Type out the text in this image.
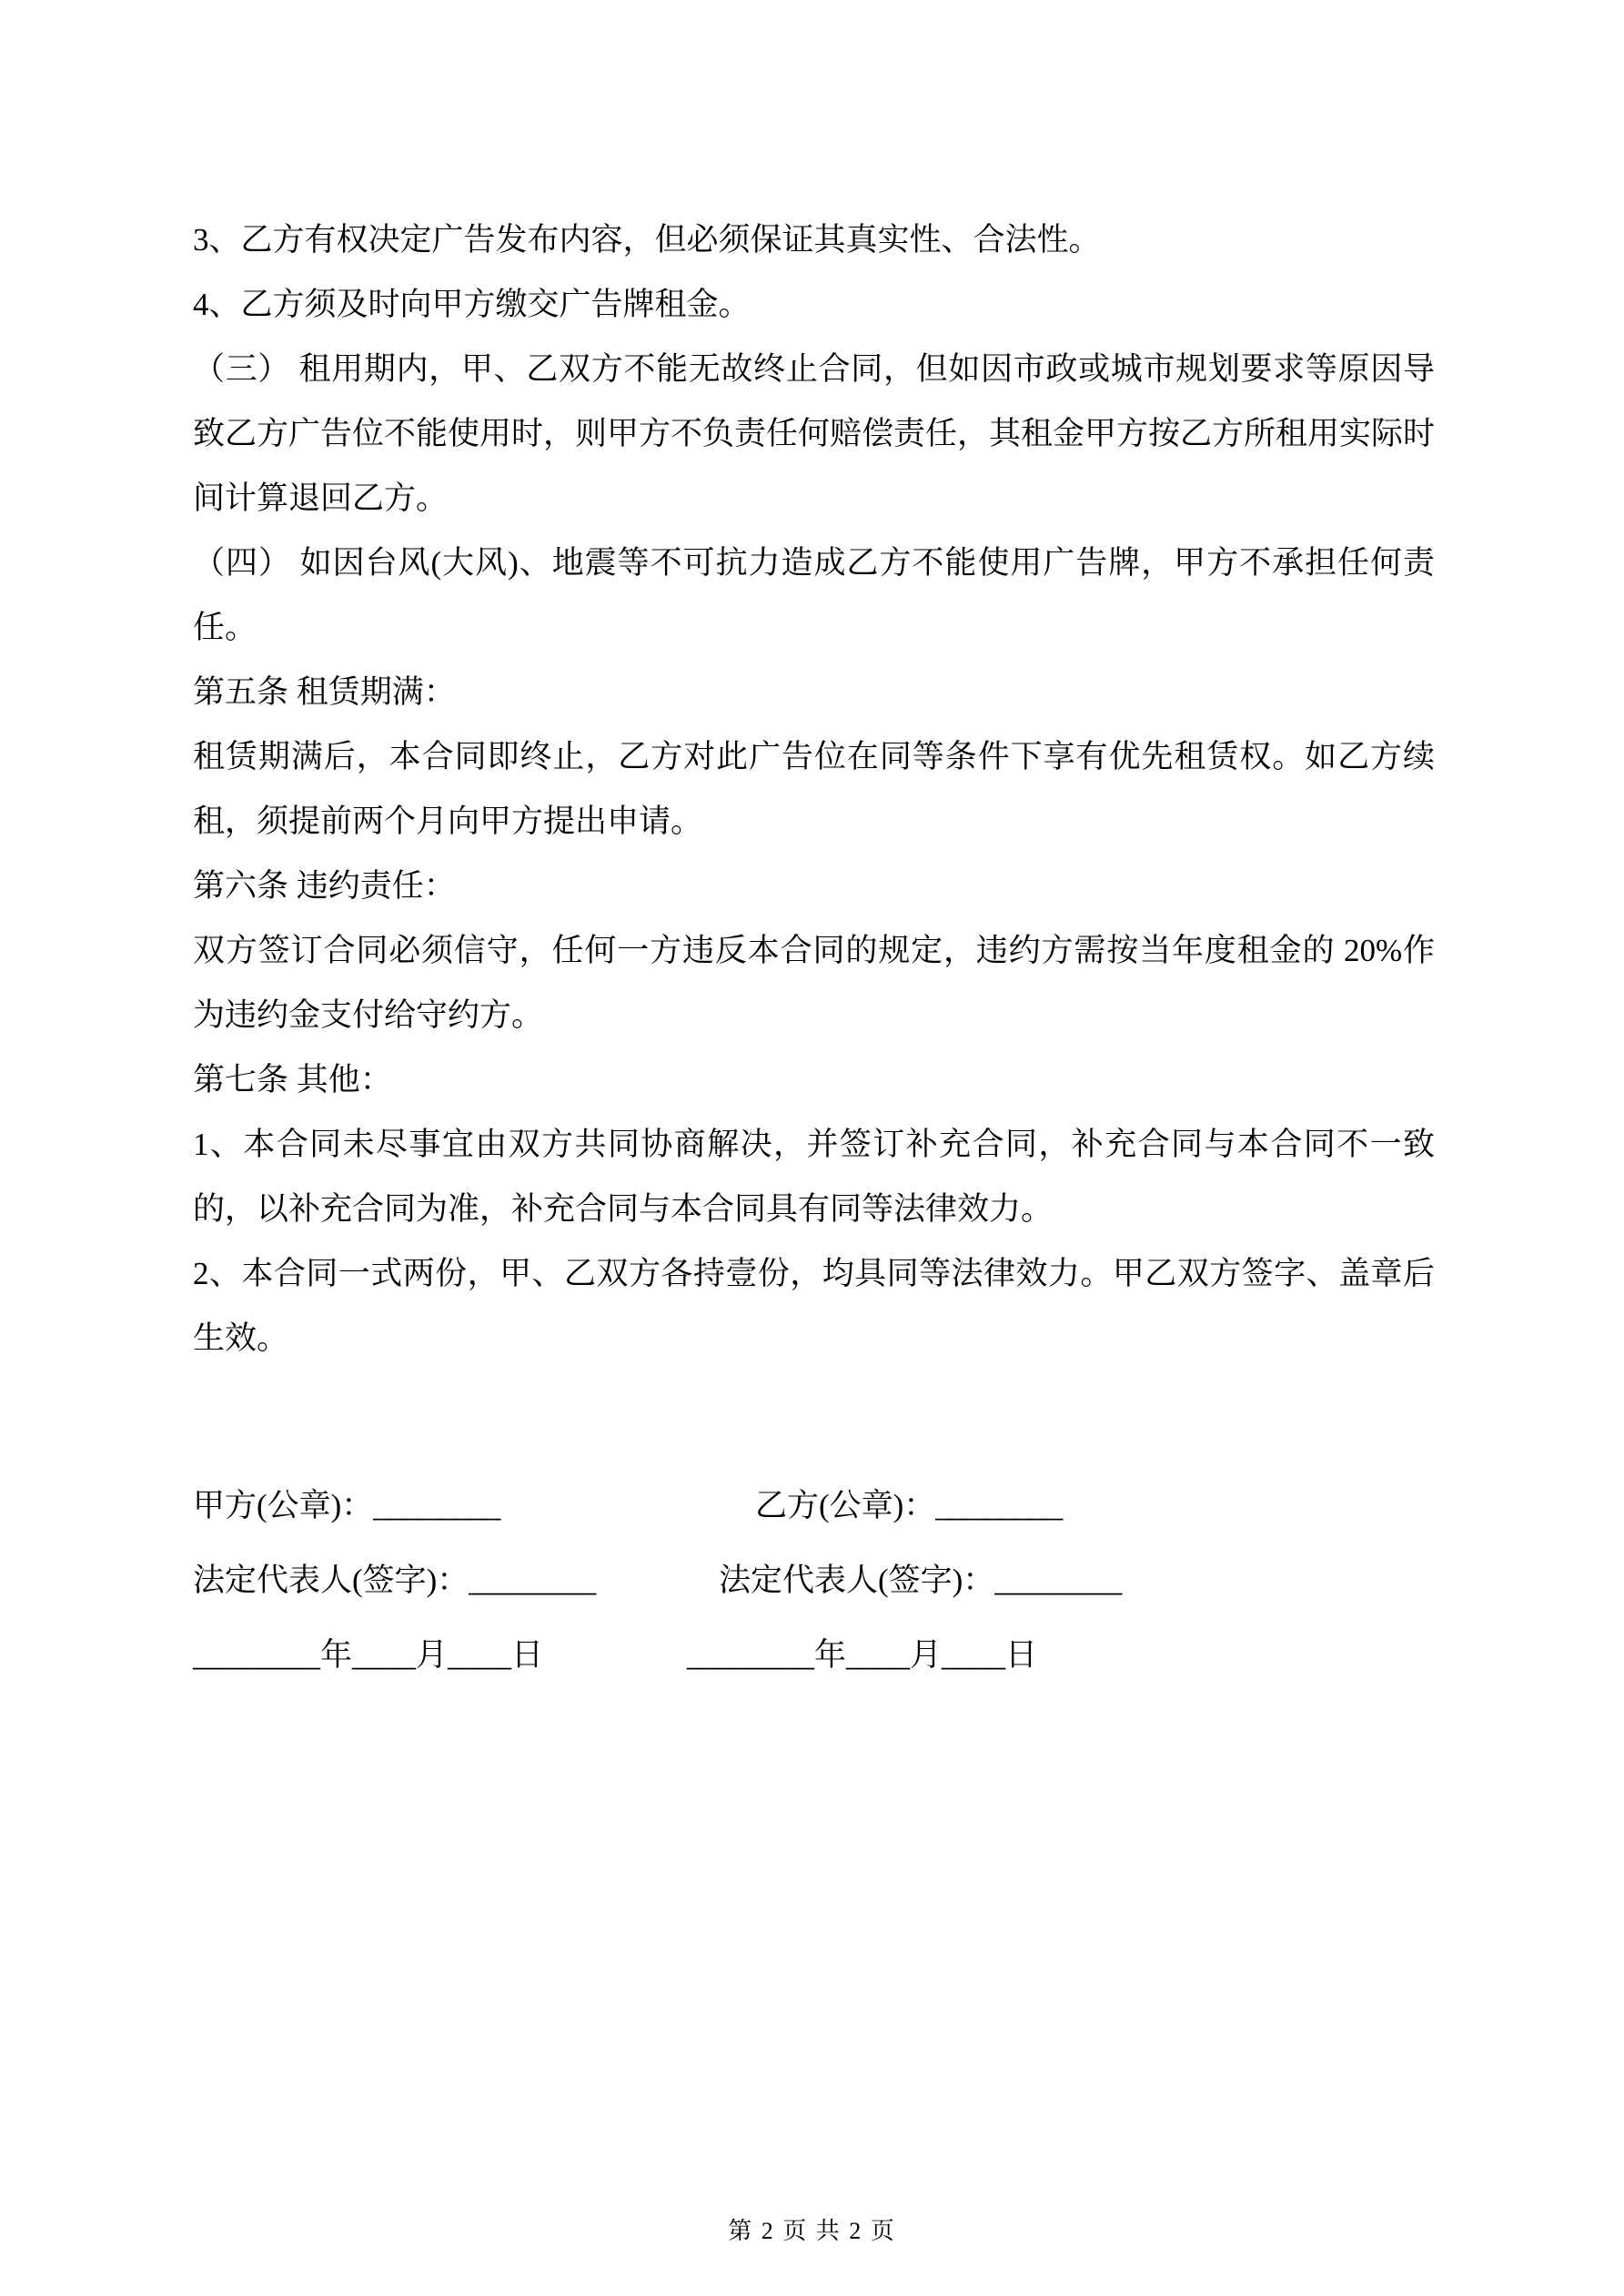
3、乙方有权决定广告发布内容，但必须保证其真实性、合法性。

4、乙方须及时向甲方缴交广告牌租金。

（三） 租用期内，甲、乙双方不能无故终止合同，但如因市政或城市规划要求等原因导致乙方广告位不能使用时，则甲方不负责任何赔偿责任，其租金甲方按乙方所租用实际时间计算退回乙方。

（四） 如因台风(大风)、地震等不可抗力造成乙方不能使用广告牌，甲方不承担任何责任。

第五条 租赁期满：

租赁期满后，本合同即终止，乙方对此广告位在同等条件下享有优先租赁权。如乙方续租，须提前两个月向甲方提出申请。

第六条 违约责任：

双方签订合同必须信守，任何一方违反本合同的规定，违约方需按当年度租金的 20%作为违约金支付给守约方。

第七条 其他：

1、本合同未尽事宜由双方共同协商解决，并签订补充合同，补充合同与本合同不一致的，以补充合同为准，补充合同与本合同具有同等法律效力。

2、本合同一式两份，甲、乙双方各持壹份，均具同等法律效力。甲乙双方签字、盖章后生效。

甲方(公章)：________	乙方(公章)：________
法定代表人(签字)：________	法定代表人(签字)：________
________年____月____日	________年____月____日
第 2 页 共 2 页
